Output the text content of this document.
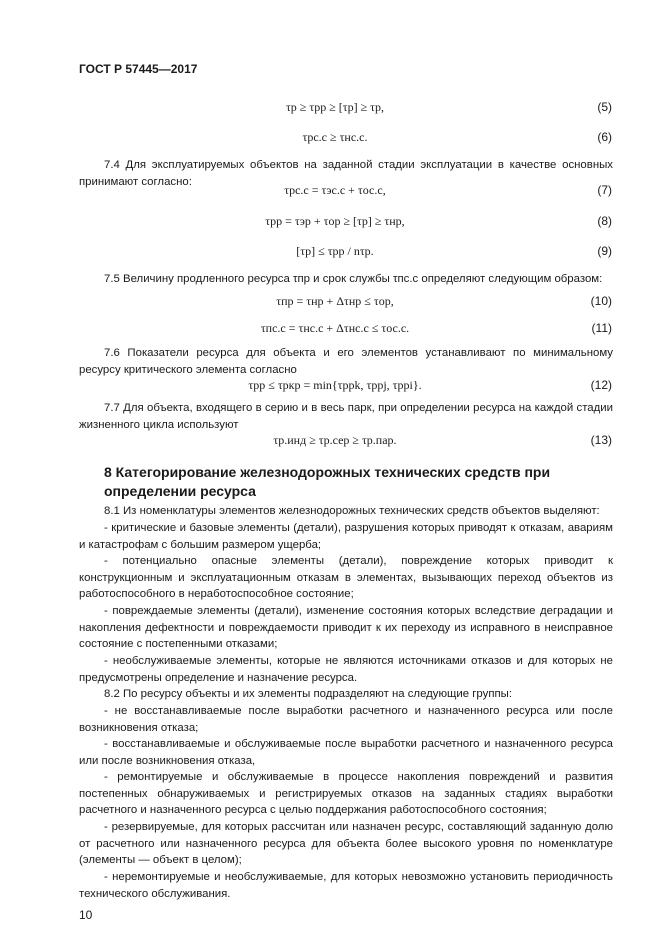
ГОСТ Р 57445—2017
τр ≥ τрр ≥ [τр] ≥ τр,	(5)
τрс.с ≥ τнс.с.	(6)
7.4 Для эксплуатируемых объектов на заданной стадии эксплуатации в качестве основных принимают согласно:
τрс.с = τэс.с + τос.с,	(7)
τрр = τэр + τор ≥ [τр] ≥ τнр,	(8)
[τр] ≤ τрр / nτр.	(9)
7.5 Величину продленного ресурса τпр и срок службы τпс.с определяют следующим образом:
τпр = τнр + Δτнр ≤ τор,	(10)
τпс.с = τнс.с + Δτнс.с ≤ τос.с.	(11)
7.6 Показатели ресурса для объекта и его элементов устанавливают по минимальному ресурсу критического элемента согласно
τрр ≤ τркр = min{τрpk, τрpj, τрpi}.	(12)
7.7 Для объекта, входящего в серию и в весь парк, при определении ресурса на каждой стадии жизненного цикла используют
τр.инд ≥ τр.сер ≥ τр.пар.	(13)
8 Категорирование железнодорожных технических средств при определении ресурса
8.1 Из номенклатуры элементов железнодорожных технических средств объектов выделяют:
- критические и базовые элементы (детали), разрушения которых приводят к отказам, авариям и катастрофам с большим размером ущерба;
- потенциально опасные элементы (детали), повреждение которых приводит к конструкционным и эксплуатационным отказам в элементах, вызывающих переход объектов из работоспособного в неработоспособное состояние;
- повреждаемые элементы (детали), изменение состояния которых вследствие деградации и накопления дефектности и повреждаемости приводит к их переходу из исправного в неисправное состояние с постепенными отказами;
- необслуживаемые элементы, которые не являются источниками отказов и для которых не предусмотрены определение и назначение ресурса.
8.2 По ресурсу объекты и их элементы подразделяют на следующие группы:
- не восстанавливаемые после выработки расчетного и назначенного ресурса или после возникновения отказа;
- восстанавливаемые и обслуживаемые после выработки расчетного и назначенного ресурса или после возникновения отказа,
- ремонтируемые и обслуживаемые в процессе накопления повреждений и развития постепенных обнаруживаемых и регистрируемых отказов на заданных стадиях выработки расчетного и назначенного ресурса с целью поддержания работоспособного состояния;
- резервируемые, для которых рассчитан или назначен ресурс, составляющий заданную долю от расчетного или назначенного ресурса для объекта более высокого уровня по номенклатуре (элементы — объект в целом);
- неремонтируемые и необслуживаемые, для которых невозможно установить периодичность технического обслуживания.
10
